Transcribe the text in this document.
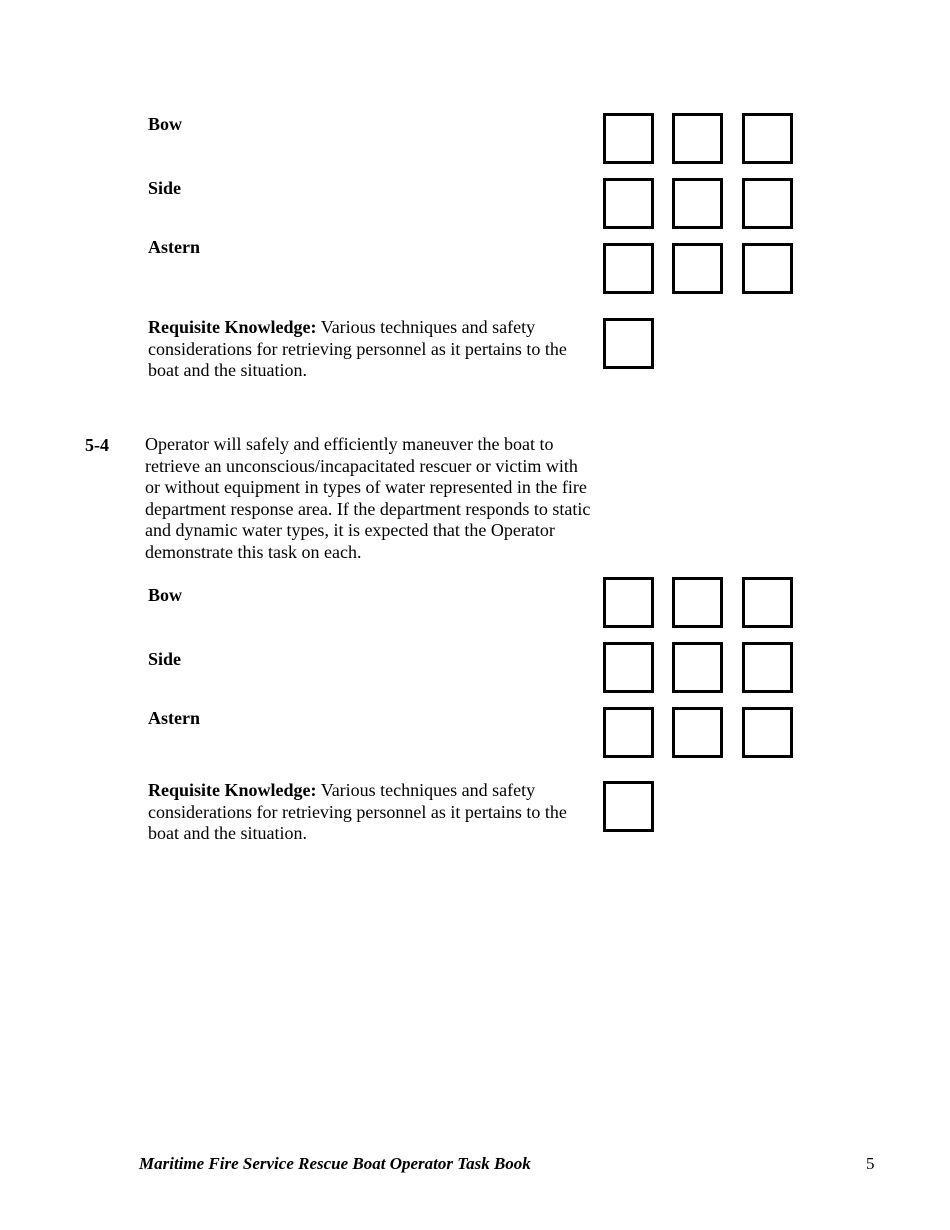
Bow
Side
Astern
Requisite Knowledge: Various techniques and safety considerations for retrieving personnel as it pertains to the boat and the situation.
5-4 Operator will safely and efficiently maneuver the boat to retrieve an unconscious/incapacitated rescuer or victim with or without equipment in types of water represented in the fire department response area. If the department responds to static and dynamic water types, it is expected that the Operator demonstrate this task on each.
Bow
Side
Astern
Requisite Knowledge: Various techniques and safety considerations for retrieving personnel as it pertains to the boat and the situation.
Maritime Fire Service Rescue Boat Operator Task Book	5
